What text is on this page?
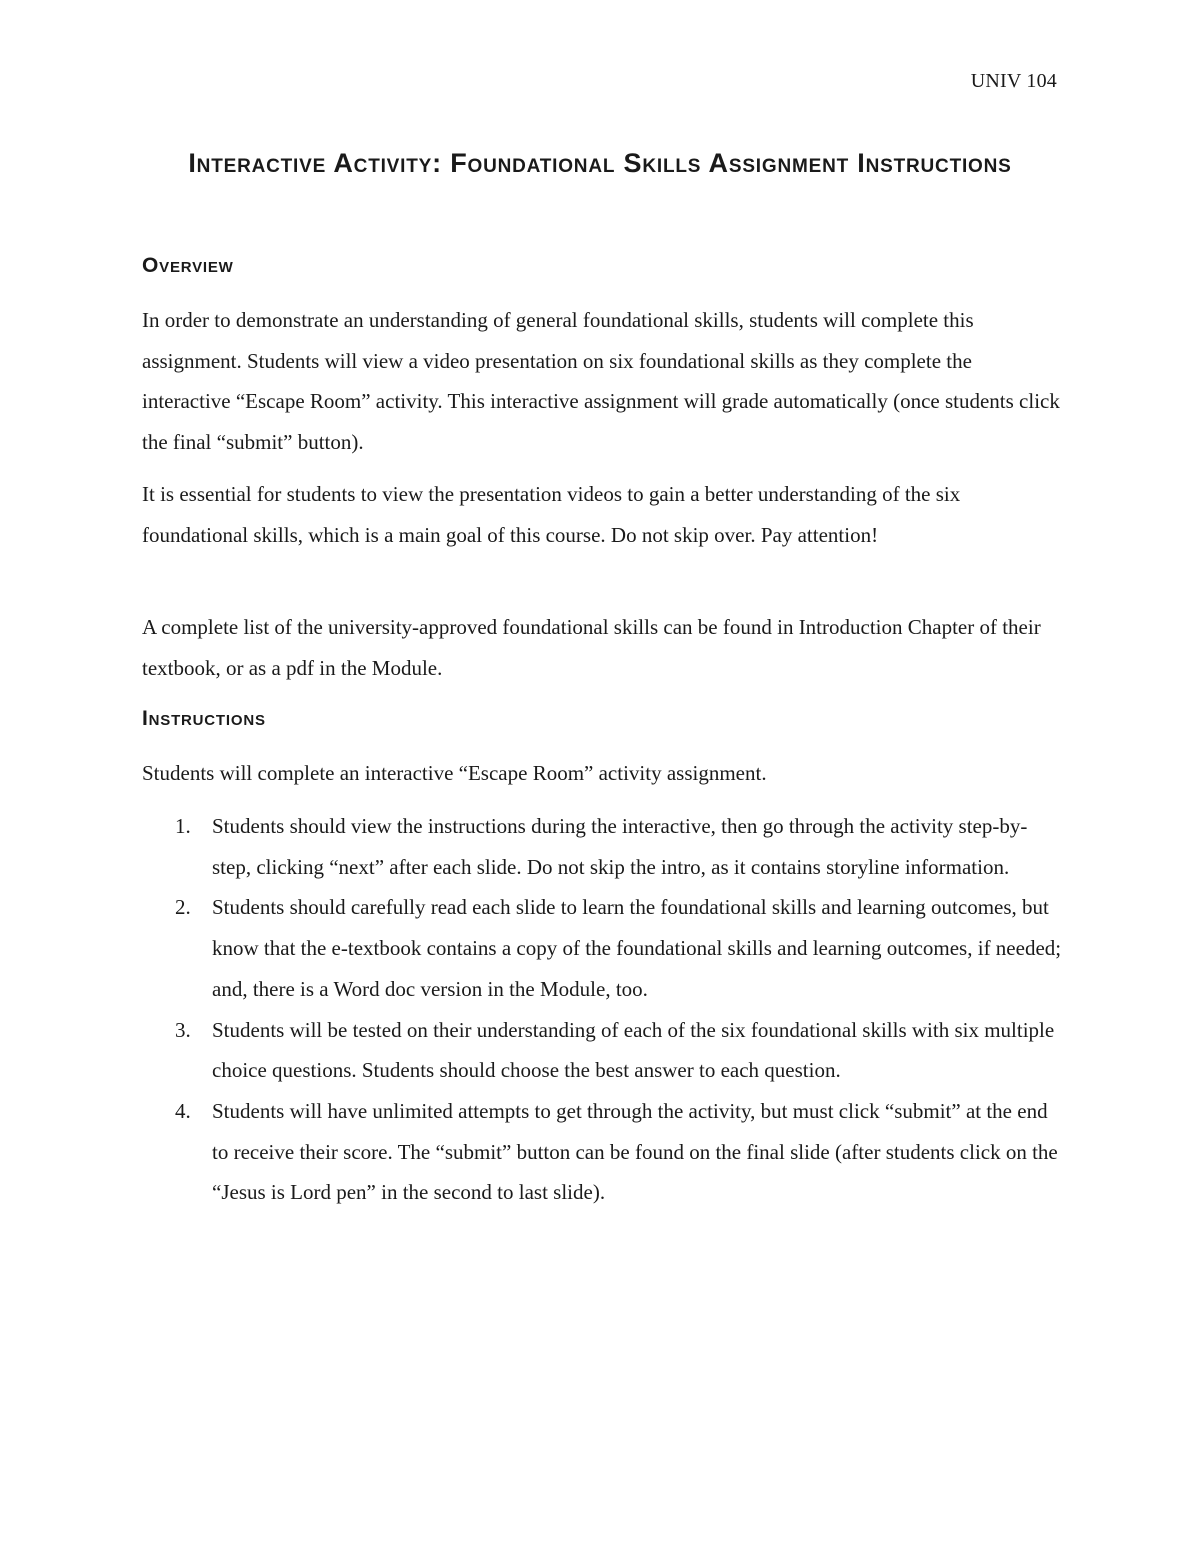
UNIV 104
Interactive Activity: Foundational Skills Assignment Instructions
Overview

In order to demonstrate an understanding of general foundational skills, students will complete this assignment. Students will view a video presentation on six foundational skills as they complete the interactive “Escape Room” activity. This interactive assignment will grade automatically (once students click the final “submit” button).

It is essential for students to view the presentation videos to gain a better understanding of the six foundational skills, which is a main goal of this course. Do not skip over. Pay attention!

A complete list of the university-approved foundational skills can be found in Introduction Chapter of their textbook, or as a pdf in the Module.

Instructions

Students will complete an interactive “Escape Room” activity assignment.

1. Students should view the instructions during the interactive, then go through the activity step-by-step, clicking “next” after each slide. Do not skip the intro, as it contains storyline information.
2. Students should carefully read each slide to learn the foundational skills and learning outcomes, but know that the e-textbook contains a copy of the foundational skills and learning outcomes, if needed; and, there is a Word doc version in the Module, too.
3. Students will be tested on their understanding of each of the six foundational skills with six multiple choice questions. Students should choose the best answer to each question.
4. Students will have unlimited attempts to get through the activity, but must click “submit” at the end to receive their score. The “submit” button can be found on the final slide (after students click on the “Jesus is Lord pen” in the second to last slide).
